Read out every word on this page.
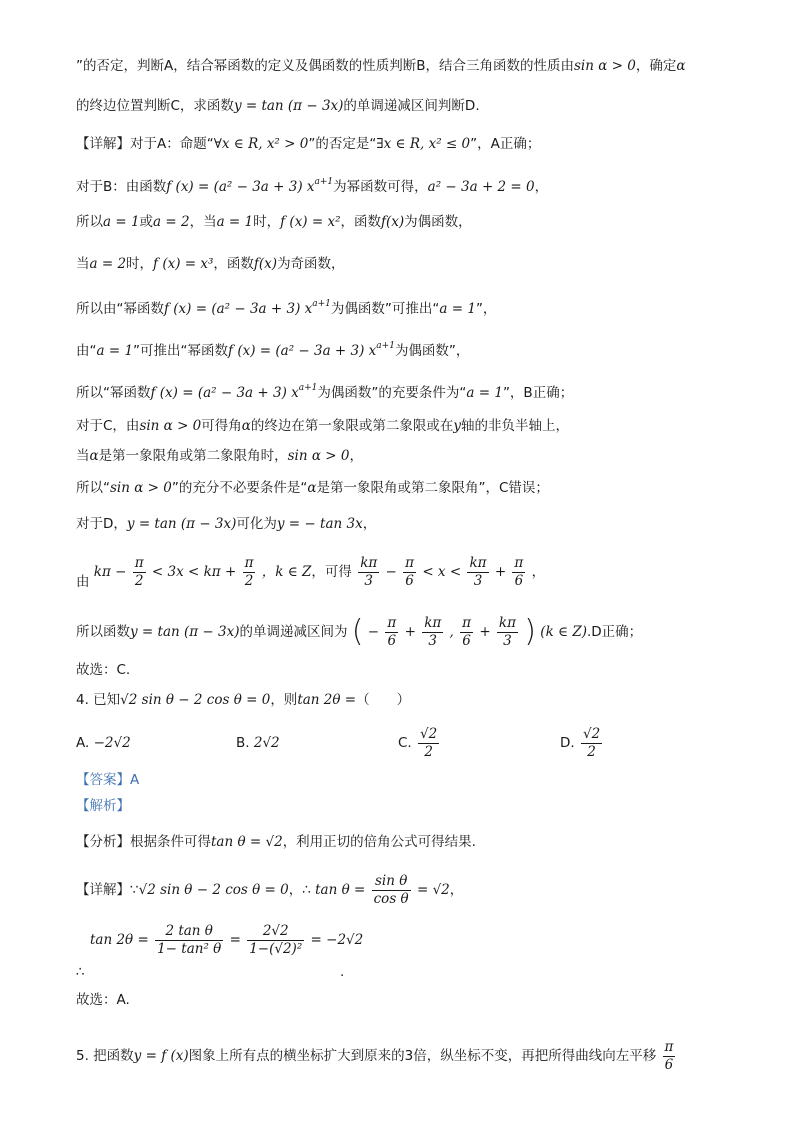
”的否定，判断A，结合幂函数的定义及偶函数的性质判断B，结合三角函数的性质由sin α > 0，确定α
的终边位置判断C，求函数y = tan (π − 3x)的单调递减区间判断D.
【详解】对于A：命题“∀x ∈ R, x² > 0”的否定是“∃x ∈ R, x² ≤ 0”，A正确；
对于B：由函数f (x) = (a² − 3a + 3) $x^{a+1}$为幂函数可得，a² − 3a + 2 = 0，
所以a = 1或a = 2，当a = 1时，f (x) = x²，函数f(x)为偶函数，
当a = 2时，f (x) = x³，函数f(x)为奇函数，
所以由“幂函数f (x) = (a² − 3a + 3) $x^{a+1}$为偶函数”可推出“a = 1”，
由“a = 1”可推出“幂函数f (x) = (a² − 3a + 3) $x^{a+1}$为偶函数”，
所以“幂函数f (x) = (a² − 3a + 3) $x^{a+1}$为偶函数”的充要条件为“a = 1”，B正确；
对于C，由sin α > 0可得角α的终边在第一象限或第二象限或在y轴的非负半轴上，
当α是第一象限角或第二象限角时，sin α > 0，
所以“sin α > 0”的充分不必要条件是“α是第一象限角或第二象限角”，C错误；
对于D，y = tan (π − 3x)可化为y = − tan 3x，
由 $k\pi - \frac{\pi}{2} < 3x < k\pi + \frac{\pi}{2}$ ，k ∈ Z，可得 $\frac{k\pi}{3} - \frac{\pi}{6} < x < \frac{k\pi}{3} + \frac{\pi}{6}$ ，
所以函数y = tan (π − 3x)的单调递减区间为 ( − $\frac{\pi}{6} + \frac{k\pi}{3}$ , $\frac{\pi}{6} + \frac{k\pi}{3}$ ) (k ∈ Z).D正确；
故选：C.
4. 已知√2 sin θ − 2 cos θ = 0，则tan 2θ =（　　）
A. −2√2	B. 2√2	C. $\frac{√2}{2}$	D. $\frac{√2}{2}$
【答案】A
【解析】
【分析】根据条件可得tan θ = √2，利用正切的倍角公式可得结果.
【详解】∵√2 sin θ − 2 cos θ = 0，∴ $\tan \theta = \frac{\text{sin θ}}{\text{cos θ}} = √2$，
$\tan 2\theta = \frac{\text{2 tan θ}}{\text{1− tan² θ}} = \frac{2√2}{\text{1−(√2)²}} = -2√2$
∴	.
故选：A.
5. 把函数y = f (x)图象上所有点的横坐标扩大到原来的3倍，纵坐标不变，再把所得曲线向左平移 $\frac{\pi}{6}$
